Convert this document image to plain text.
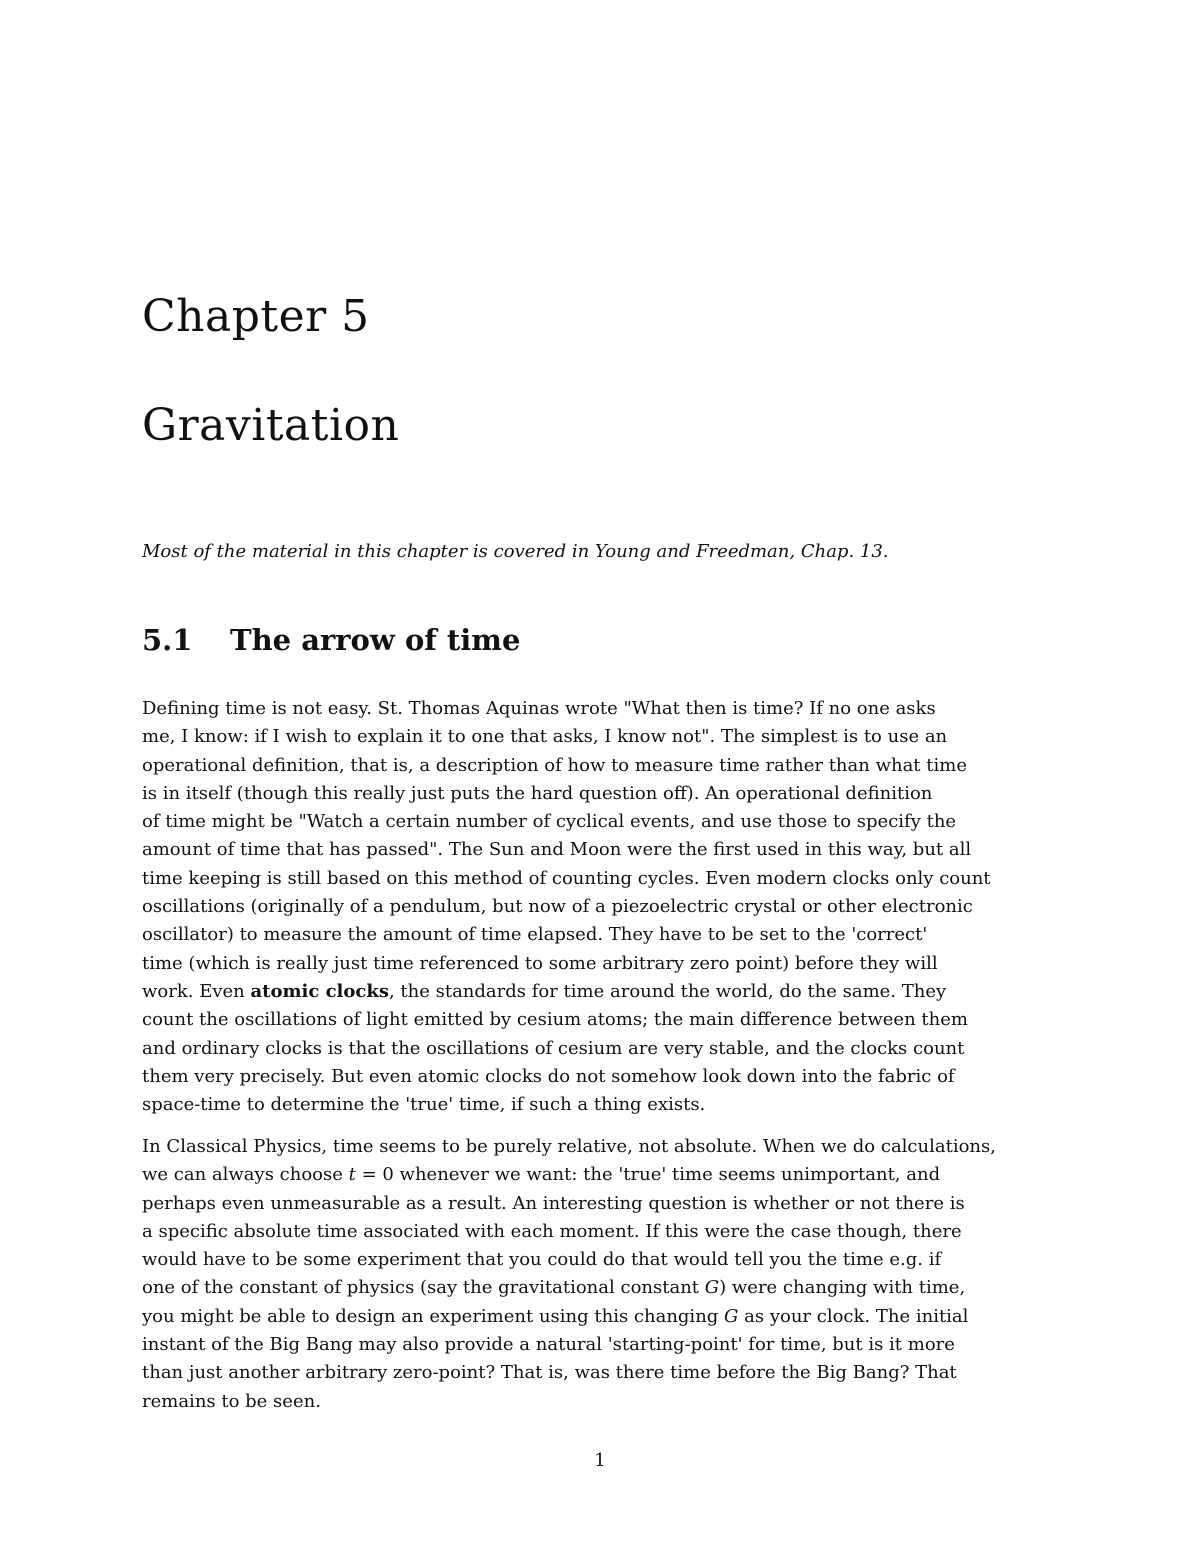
Chapter 5
Gravitation

Most of the material in this chapter is covered in Young and Freedman, Chap. 13.

5.1 The arrow of time
Defining time is not easy. St. Thomas Aquinas wrote "What then is time? If no one asks
me, I know: if I wish to explain it to one that asks, I know not". The simplest is to use an
operational definition, that is, a description of how to measure time rather than what time
is in itself (though this really just puts the hard question off). An operational definition
of time might be "Watch a certain number of cyclical events, and use those to specify the
amount of time that has passed". The Sun and Moon were the first used in this way, but all
time keeping is still based on this method of counting cycles. Even modern clocks only count
oscillations (originally of a pendulum, but now of a piezoelectric crystal or other electronic
oscillator) to measure the amount of time elapsed. They have to be set to the 'correct'
time (which is really just time referenced to some arbitrary zero point) before they will
work. Even atomic clocks, the standards for time around the world, do the same. They
count the oscillations of light emitted by cesium atoms; the main difference between them
and ordinary clocks is that the oscillations of cesium are very stable, and the clocks count
them very precisely. But even atomic clocks do not somehow look down into the fabric of
space-time to determine the 'true' time, if such a thing exists.
In Classical Physics, time seems to be purely relative, not absolute. When we do calculations,
we can always choose t = 0 whenever we want: the 'true' time seems unimportant, and
perhaps even unmeasurable as a result. An interesting question is whether or not there is
a specific absolute time associated with each moment. If this were the case though, there
would have to be some experiment that you could do that would tell you the time e.g. if
one of the constant of physics (say the gravitational constant G) were changing with time,
you might be able to design an experiment using this changing G as your clock. The initial
instant of the Big Bang may also provide a natural 'starting-point' for time, but is it more
than just another arbitrary zero-point? That is, was there time before the Big Bang? That
remains to be seen.

1
